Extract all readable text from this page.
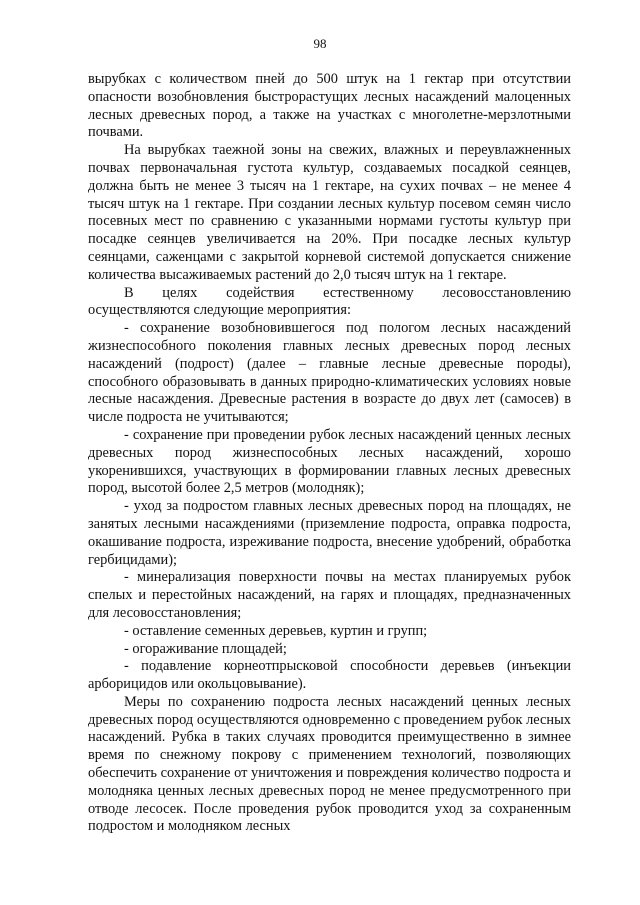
98

вырубках с количеством пней до 500 штук на 1 гектар при отсутствии опасности возобновления быстрорастущих лесных насаждений малоценных лесных древесных пород, а также на участках с многолетне-мерзлотными почвами.

На вырубках таежной зоны на свежих, влажных и переувлажненных почвах первоначальная густота культур, создаваемых посадкой сеянцев, должна быть не менее 3 тысяч на 1 гектаре, на сухих почвах – не менее 4 тысяч штук на 1 гектаре. При создании лесных культур посевом семян число посевных мест по сравнению с указанными нормами густоты культур при посадке сеянцев увеличивается на 20%. При посадке лесных культур сеянцами, саженцами с закрытой корневой системой допускается снижение количества высаживаемых растений до 2,0 тысяч штук на 1 гектаре.

В целях содействия естественному лесовосстановлению осуществляются следующие мероприятия:

- сохранение возобновившегося под пологом лесных насаждений жизнеспособного поколения главных лесных древесных пород лесных насаждений (подрост) (далее – главные лесные древесные породы), способного образовывать в данных природно-климатических условиях новые лесные насаждения. Древесные растения в возрасте до двух лет (самосев) в числе подроста не учитываются;

- сохранение при проведении рубок лесных насаждений ценных лесных древесных пород жизнеспособных лесных насаждений, хорошо укоренившихся, участвующих в формировании главных лесных древесных пород, высотой более 2,5 метров (молодняк);

- уход за подростом главных лесных древесных пород на площадях, не занятых лесными насаждениями (приземление подроста, оправка подроста, окашивание подроста, изреживание подроста, внесение удобрений, обработка гербицидами);

- минерализация поверхности почвы на местах планируемых рубок спелых и перестойных насаждений, на гарях и площадях, предназначенных для лесовосстановления;

- оставление семенных деревьев, куртин и групп;

- огораживание площадей;

- подавление корнеотпрысковой способности деревьев (инъекции арборицидов или окольцовывание).

Меры по сохранению подроста лесных насаждений ценных лесных древесных пород осуществляются одновременно с проведением рубок лесных насаждений. Рубка в таких случаях проводится преимущественно в зимнее время по снежному покрову с применением технологий, позволяющих обеспечить сохранение от уничтожения и повреждения количество подроста и молодняка ценных лесных древесных пород не менее предусмотренного при отводе лесосек. После проведения рубок проводится уход за сохраненным подростом и молодняком лесных
